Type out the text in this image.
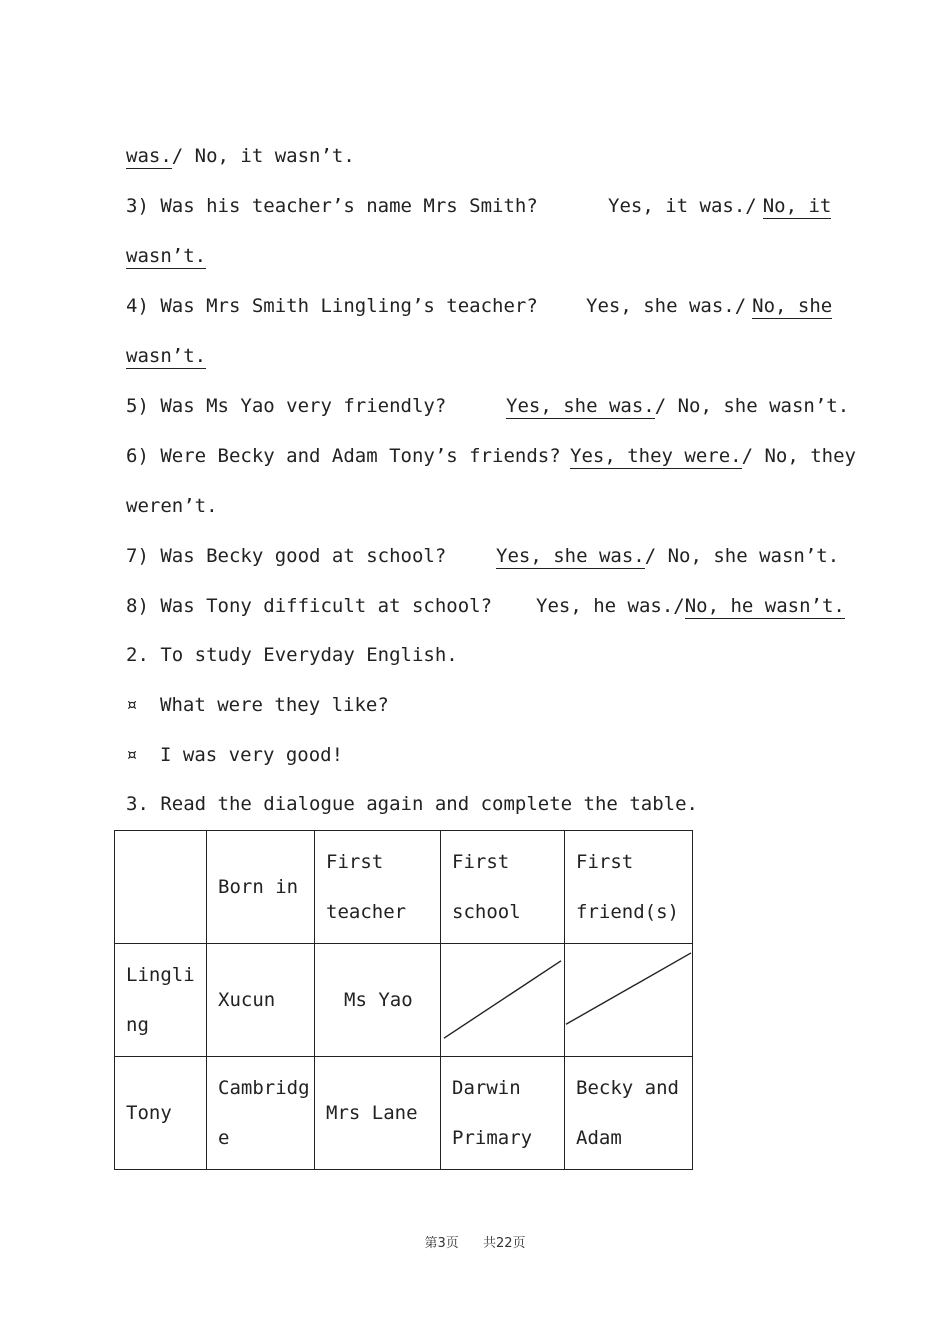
was./ No, it wasn’t.
3) Was his teacher’s name Mrs Smith?	Yes, it was./ No, it
wasn’t.
4) Was Mrs Smith Lingling’s teacher?	Yes, she was./ No, she
wasn’t.
5) Was Ms Yao very friendly?	Yes, she was./ No, she wasn’t.
6) Were Becky and Adam Tony’s friends? Yes, they were./ No, they
weren’t.
7) Was Becky good at school?	Yes, she was./ No, she wasn’t.
8) Was Tony difficult at school? Yes, he was./No, he wasn’t.
2. To study Everyday English.
¤ What were they like?
¤ I was very good!
3. Read the dialogue again and complete the table.
	Born in	First teacher	First school	First friend(s)
Lingling	Xucun	Ms Yao	

Tony	Cambridge	Mrs Lane	Darwin Primary	Becky and Adam
第3页 共22页
